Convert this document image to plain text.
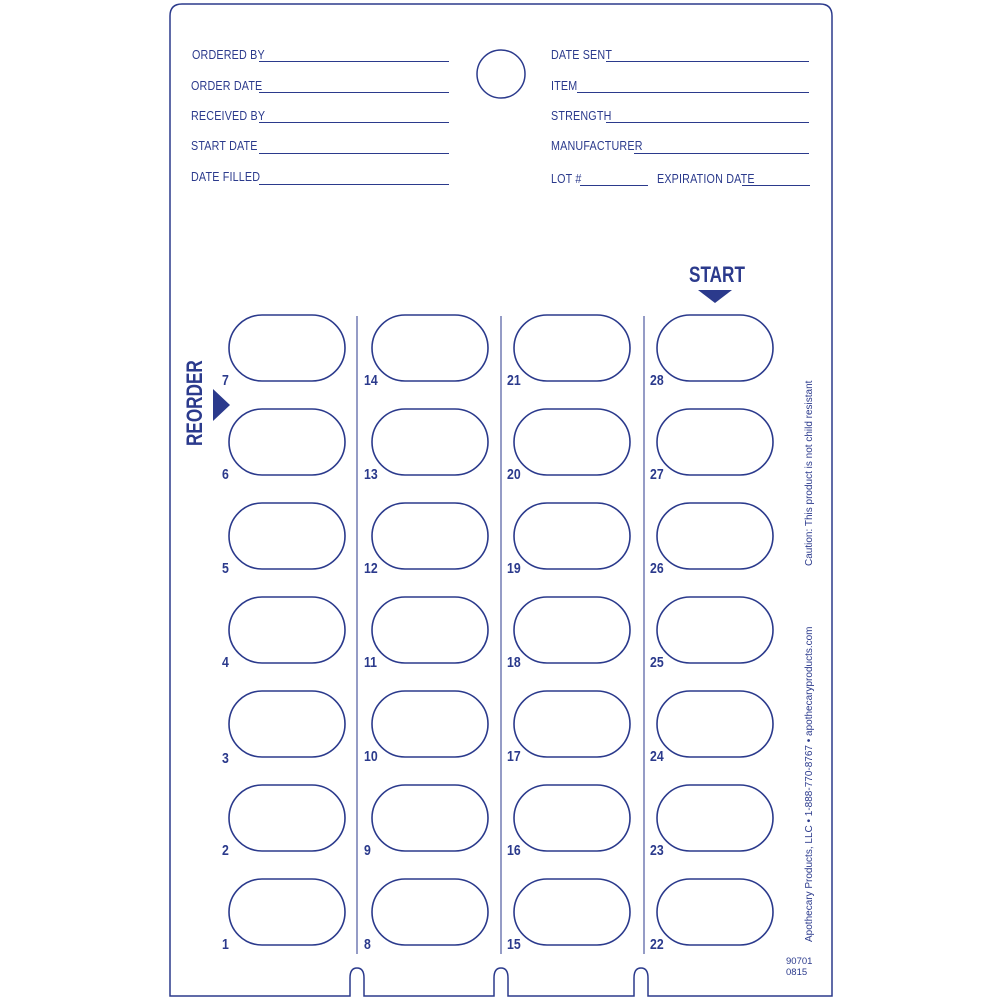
ORDERED BY
ORDER DATE
RECEIVED BY
START DATE
DATE FILLED
DATE SENT
ITEM
STRENGTH
MANUFACTURER
LOT #	EXPIRATION DATE
START
REORDER 7
6
5
4
3
2
1
14
13
12
11
10
9
8
21
20
19
18
17
16
15
28
27
26
25
24
23
22
Caution: This product is not child resistant
Apothecary Products, LLC • 1-888-770-8767 • apothecaryproducts.com
90701
0815
